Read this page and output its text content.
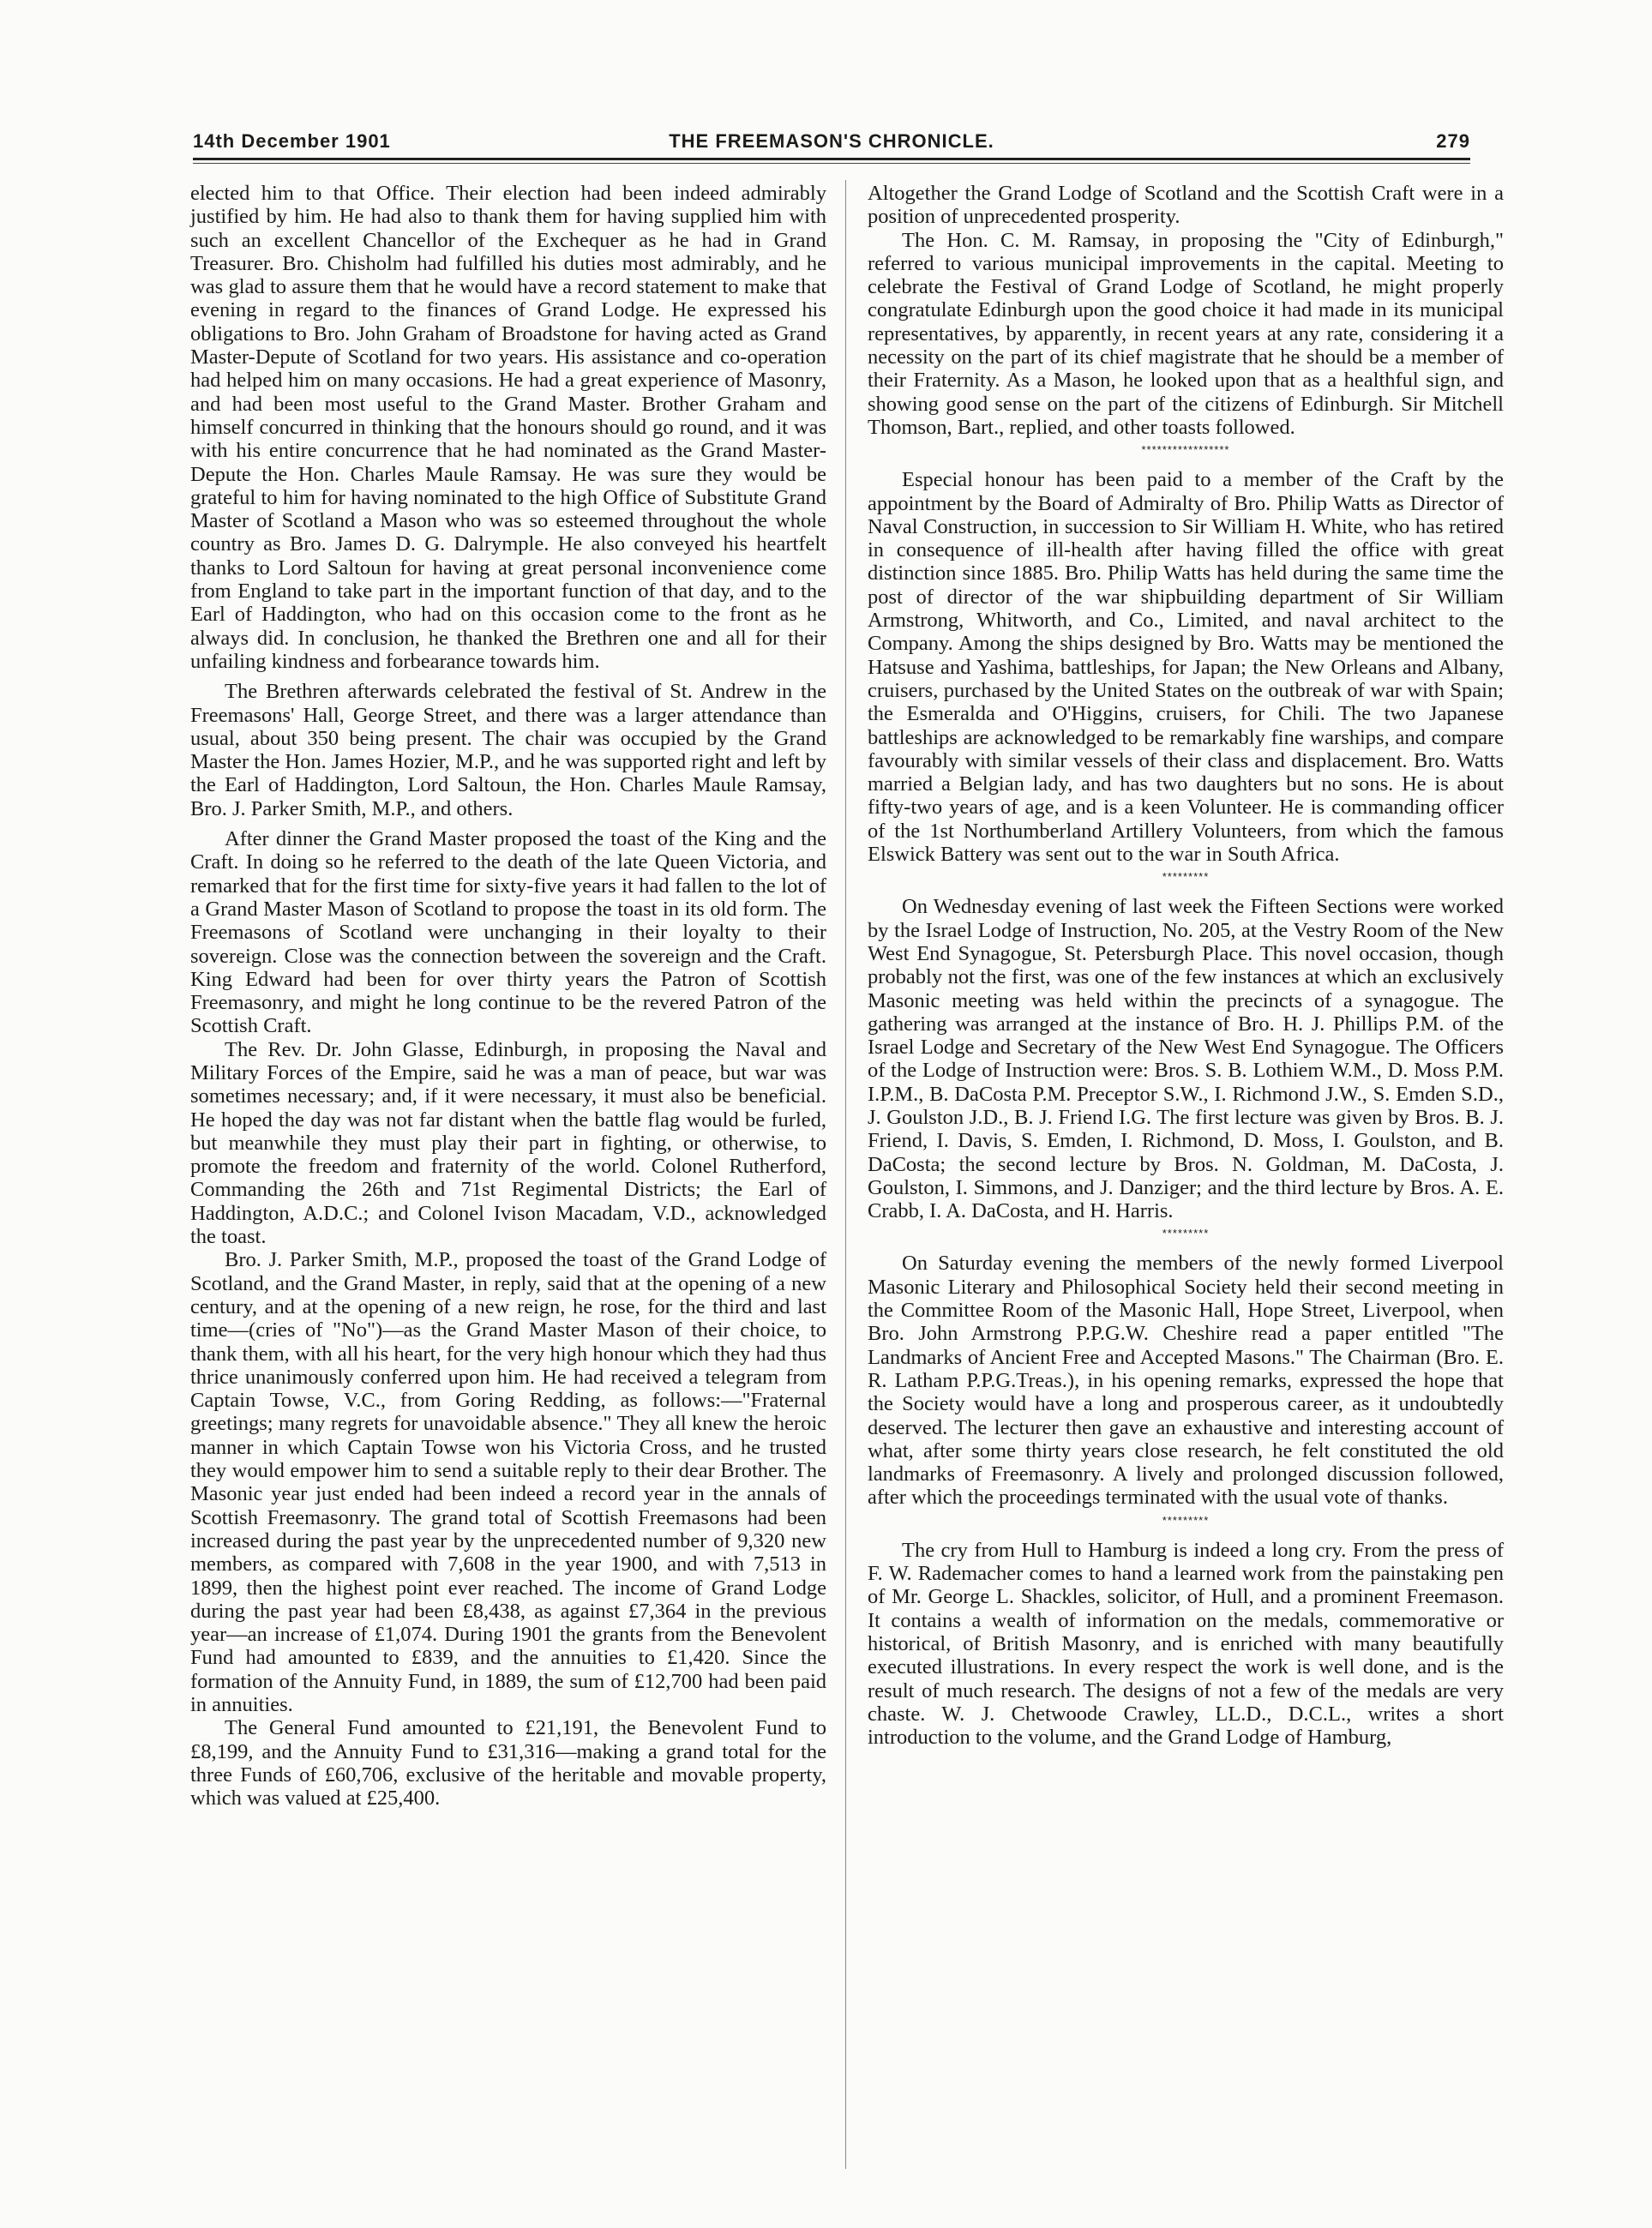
14th December 1901	THE FREEMASON'S CHRONICLE.	279

elected him to that Office. Their election had been indeed admirably justified by him. He had also to thank them for having supplied him with such an excellent Chancellor of the Exchequer as he had in Grand Treasurer. Bro. Chisholm had fulfilled his duties most admirably, and he was glad to assure them that he would have a record statement to make that evening in regard to the finances of Grand Lodge. He expressed his obligations to Bro. John Graham of Broadstone for having acted as Grand Master-Depute of Scotland for two years. His assistance and co-operation had helped him on many occasions. He had a great experience of Masonry, and had been most useful to the Grand Master. Brother Graham and himself concurred in thinking that the honours should go round, and it was with his entire concurrence that he had nominated as the Grand Master-Depute the Hon. Charles Maule Ramsay. He was sure they would be grateful to him for having nominated to the high Office of Substitute Grand Master of Scotland a Mason who was so esteemed throughout the whole country as Bro. James D. G. Dalrymple. He also conveyed his heartfelt thanks to Lord Saltoun for having at great personal inconvenience come from England to take part in the important function of that day, and to the Earl of Haddington, who had on this occasion come to the front as he always did. In conclusion, he thanked the Brethren one and all for their unfailing kindness and forbearance towards him.

The Brethren afterwards celebrated the festival of St. Andrew in the Freemasons' Hall, George Street, and there was a larger attendance than usual, about 350 being present. The chair was occupied by the Grand Master the Hon. James Hozier, M.P., and he was supported right and left by the Earl of Haddington, Lord Saltoun, the Hon. Charles Maule Ramsay, Bro. J. Parker Smith, M.P., and others.

After dinner the Grand Master proposed the toast of the King and the Craft. In doing so he referred to the death of the late Queen Victoria, and remarked that for the first time for sixty-five years it had fallen to the lot of a Grand Master Mason of Scotland to propose the toast in its old form. The Freemasons of Scotland were unchanging in their loyalty to their sovereign. Close was the connection between the sovereign and the Craft. King Edward had been for over thirty years the Patron of Scottish Freemasonry, and might he long continue to be the revered Patron of the Scottish Craft.

The Rev. Dr. John Glasse, Edinburgh, in proposing the Naval and Military Forces of the Empire, said he was a man of peace, but war was sometimes necessary; and, if it were necessary, it must also be beneficial. He hoped the day was not far distant when the battle flag would be furled, but meanwhile they must play their part in fighting, or otherwise, to promote the freedom and fraternity of the world. Colonel Rutherford, Commanding the 26th and 71st Regimental Districts; the Earl of Haddington, A.D.C.; and Colonel Ivison Macadam, V.D., acknowledged the toast.

Bro. J. Parker Smith, M.P., proposed the toast of the Grand Lodge of Scotland, and the Grand Master, in reply, said that at the opening of a new century, and at the opening of a new reign, he rose, for the third and last time—(cries of "No")—as the Grand Master Mason of their choice, to thank them, with all his heart, for the very high honour which they had thus thrice unanimously conferred upon him. He had received a telegram from Captain Towse, V.C., from Goring Redding, as follows:—"Fraternal greetings; many regrets for unavoidable absence." They all knew the heroic manner in which Captain Towse won his Victoria Cross, and he trusted they would empower him to send a suitable reply to their dear Brother. The Masonic year just ended had been indeed a record year in the annals of Scottish Freemasonry. The grand total of Scottish Freemasons had been increased during the past year by the unprecedented number of 9,320 new members, as compared with 7,608 in the year 1900, and with 7,513 in 1899, then the highest point ever reached. The income of Grand Lodge during the past year had been £8,438, as against £7,364 in the previous year—an increase of £1,074. During 1901 the grants from the Benevolent Fund had amounted to £839, and the annuities to £1,420. Since the formation of the Annuity Fund, in 1889, the sum of £12,700 had been paid in annuities.

The General Fund amounted to £21,191, the Benevolent Fund to £8,199, and the Annuity Fund to £31,316—making a grand total for the three Funds of £60,706, exclusive of the heritable and movable property, which was valued at £25,400.

Altogether the Grand Lodge of Scotland and the Scottish Craft were in a position of unprecedented prosperity.

The Hon. C. M. Ramsay, in proposing the "City of Edinburgh," referred to various municipal improvements in the capital. Meeting to celebrate the Festival of Grand Lodge of Scotland, he might properly congratulate Edinburgh upon the good choice it had made in its municipal representatives, by apparently, in recent years at any rate, considering it a necessity on the part of its chief magistrate that he should be a member of their Fraternity. As a Mason, he looked upon that as a healthful sign, and showing good sense on the part of the citizens of Edinburgh. Sir Mitchell Thomson, Bart., replied, and other toasts followed.

*****************

Especial honour has been paid to a member of the Craft by the appointment by the Board of Admiralty of Bro. Philip Watts as Director of Naval Construction, in succession to Sir William H. White, who has retired in consequence of ill-health after having filled the office with great distinction since 1885. Bro. Philip Watts has held during the same time the post of director of the war shipbuilding department of Sir William Armstrong, Whitworth, and Co., Limited, and naval architect to the Company. Among the ships designed by Bro. Watts may be mentioned the Hatsuse and Yashima, battleships, for Japan; the New Orleans and Albany, cruisers, purchased by the United States on the outbreak of war with Spain; the Esmeralda and O'Higgins, cruisers, for Chili. The two Japanese battleships are acknowledged to be remarkably fine warships, and compare favourably with similar vessels of their class and displacement. Bro. Watts married a Belgian lady, and has two daughters but no sons. He is about fifty-two years of age, and is a keen Volunteer. He is commanding officer of the 1st Northumberland Artillery Volunteers, from which the famous Elswick Battery was sent out to the war in South Africa.

*********

On Wednesday evening of last week the Fifteen Sections were worked by the Israel Lodge of Instruction, No. 205, at the Vestry Room of the New West End Synagogue, St. Petersburgh Place. This novel occasion, though probably not the first, was one of the few instances at which an exclusively Masonic meeting was held within the precincts of a synagogue. The gathering was arranged at the instance of Bro. H. J. Phillips P.M. of the Israel Lodge and Secretary of the New West End Synagogue. The Officers of the Lodge of Instruction were: Bros. S. B. Lothiem W.M., D. Moss P.M. I.P.M., B. DaCosta P.M. Preceptor S.W., I. Richmond J.W., S. Emden S.D., J. Goulston J.D., B. J. Friend I.G. The first lecture was given by Bros. B. J. Friend, I. Davis, S. Emden, I. Richmond, D. Moss, I. Goulston, and B. DaCosta; the second lecture by Bros. N. Goldman, M. DaCosta, J. Goulston, I. Simmons, and J. Danziger; and the third lecture by Bros. A. E. Crabb, I. A. DaCosta, and H. Harris.

*********

On Saturday evening the members of the newly formed Liverpool Masonic Literary and Philosophical Society held their second meeting in the Committee Room of the Masonic Hall, Hope Street, Liverpool, when Bro. John Armstrong P.P.G.W. Cheshire read a paper entitled "The Landmarks of Ancient Free and Accepted Masons." The Chairman (Bro. E. R. Latham P.P.G.Treas.), in his opening remarks, expressed the hope that the Society would have a long and prosperous career, as it undoubtedly deserved. The lecturer then gave an exhaustive and interesting account of what, after some thirty years close research, he felt constituted the old landmarks of Freemasonry. A lively and prolonged discussion followed, after which the proceedings terminated with the usual vote of thanks.

*********

The cry from Hull to Hamburg is indeed a long cry. From the press of F. W. Rademacher comes to hand a learned work from the painstaking pen of Mr. George L. Shackles, solicitor, of Hull, and a prominent Freemason. It contains a wealth of information on the medals, commemorative or historical, of British Masonry, and is enriched with many beautifully executed illustrations. In every respect the work is well done, and is the result of much research. The designs of not a few of the medals are very chaste. W. J. Chetwoode Crawley, LL.D., D.C.L., writes a short introduction to the volume, and the Grand Lodge of Hamburg,
